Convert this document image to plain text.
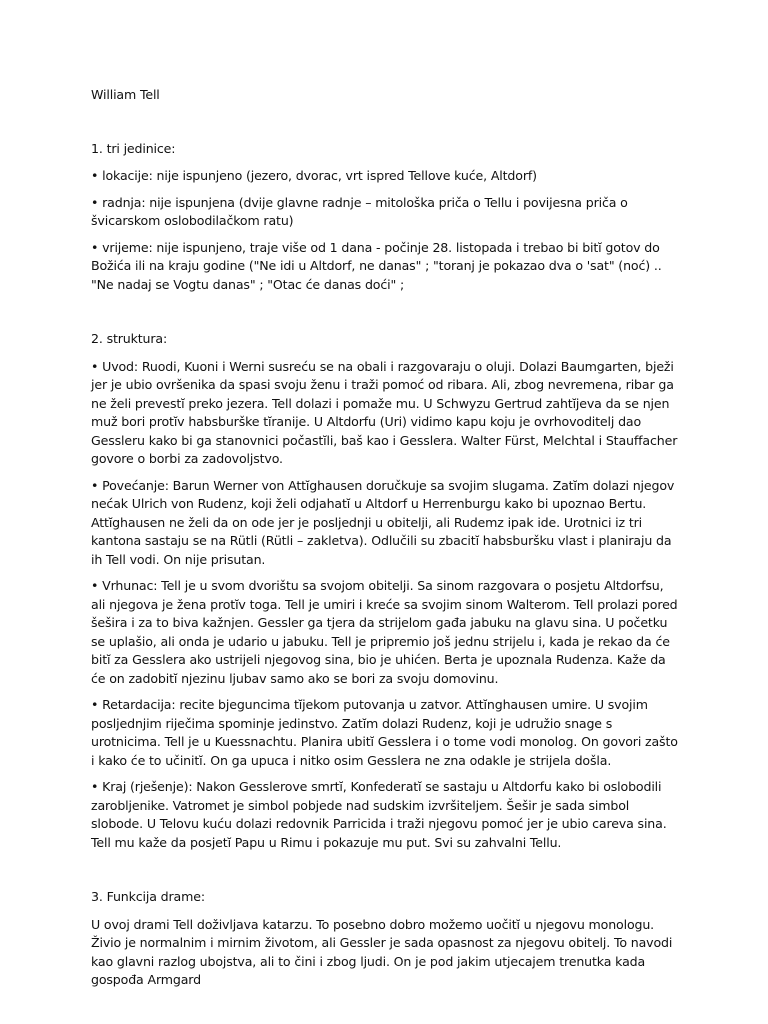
William Tell

1. tri jedinice:

• lokacije: nije ispunjeno (jezero, dvorac, vrt ispred Tellove kuće, Altdorf)

• radnja: nije ispunjena (dvije glavne radnje – mitološka priča o Tellu i povijesna priča o švicarskom oslobodilačkom ratu)

• vrijeme: nije ispunjeno, traje više od 1 dana - počinje 28. listopada i trebao bi bitı̆ gotov do Božića ili na kraju godine ("Ne idi u Altdorf, ne danas" ; "toranj je pokazao dva o 'sat" (noć) .. "Ne nadaj se Vogtu danas" ; "Otac će danas doći" ;

2. struktura:

• Uvod: Ruodi, Kuoni i Werni susreću se na obali i razgovaraju o oluji. Dolazi Baumgarten, bježi jer je ubio ovršenika da spasi svoju ženu i traži pomoć od ribara. Ali, zbog nevremena, ribar ga ne želi prevestı̆ preko jezera. Tell dolazi i pomaže mu. U Schwyzu Gertrud zahtı̆jeva da se njen muž bori protı̆v habsburške tı̆ranije. U Altdorfu (Uri) vidimo kapu koju je ovrhovoditelj dao Gessleru kako bi ga stanovnici počastı̆li, baš kao i Gesslera. Walter Fürst, Melchtal i Stauffacher govore o borbi za zadovoljstvo.

• Povećanje: Barun Werner von Attı̆ghausen doručkuje sa svojim slugama. Zatı̆m dolazi njegov nećak Ulrich von Rudenz, koji želi odjahatı̆ u Altdorf u Herrenburgu kako bi upoznao Bertu. Attı̆ghausen ne želi da on ode jer je posljednji u obitelji, ali Rudemz ipak ide. Urotnici iz tri kantona sastaju se na Rütli (Rütli – zakletva). Odlučili su zbacitı̆ habsburšku vlast i planiraju da ih Tell vodi. On nije prisutan.

• Vrhunac: Tell je u svom dvorištu sa svojom obitelji. Sa sinom razgovara o posjetu Altdorfsu, ali njegova je žena protı̆v toga. Tell je umiri i kreće sa svojim sinom Walterom. Tell prolazi pored šešira i za to biva kažnjen. Gessler ga tjera da strijelom gađa jabuku na glavu sina. U početku se uplašio, ali onda je udario u jabuku. Tell je pripremio još jednu strijelu i, kada je rekao da će bitı̆ za Gesslera ako ustrijeli njegovog sina, bio je uhićen. Berta je upoznala Rudenza. Kaže da će on zadobitı̆ njezinu ljubav samo ako se bori za svoju domovinu.

• Retardacija: recite bjeguncima tı̆jekom putovanja u zatvor. Attı̆nghausen umire. U svojim posljednjim riječima spominje jedinstvo. Zatı̆m dolazi Rudenz, koji je udružio snage s urotnicima. Tell je u Kuessnachtu. Planira ubitı̆ Gesslera i o tome vodi monolog. On govori zašto i kako će to učinitı̆. On ga upuca i nitko osim Gesslera ne zna odakle je strijela došla.

• Kraj (rješenje): Nakon Gesslerove smrtı̆, Konfederatı̆ se sastaju u Altdorfu kako bi oslobodili zarobljenike. Vatromet je simbol pobjede nad sudskim izvršiteljem. Šešir je sada simbol slobode. U Telovu kuću dolazi redovnik Parricida i traži njegovu pomoć jer je ubio careva sina. Tell mu kaže da posjetı̆ Papu u Rimu i pokazuje mu put. Svi su zahvalni Tellu.

3. Funkcija drame:

U ovoj drami Tell doživljava katarzu. To posebno dobro možemo uočitı̆ u njegovu monologu. Živio je normalnim i mirnim životom, ali Gessler je sada opasnost za njegovu obitelj. To navodi kao glavni razlog ubojstva, ali to čini i zbog ljudi. On je pod jakim utjecajem trenutka kada gospođa Armgard
